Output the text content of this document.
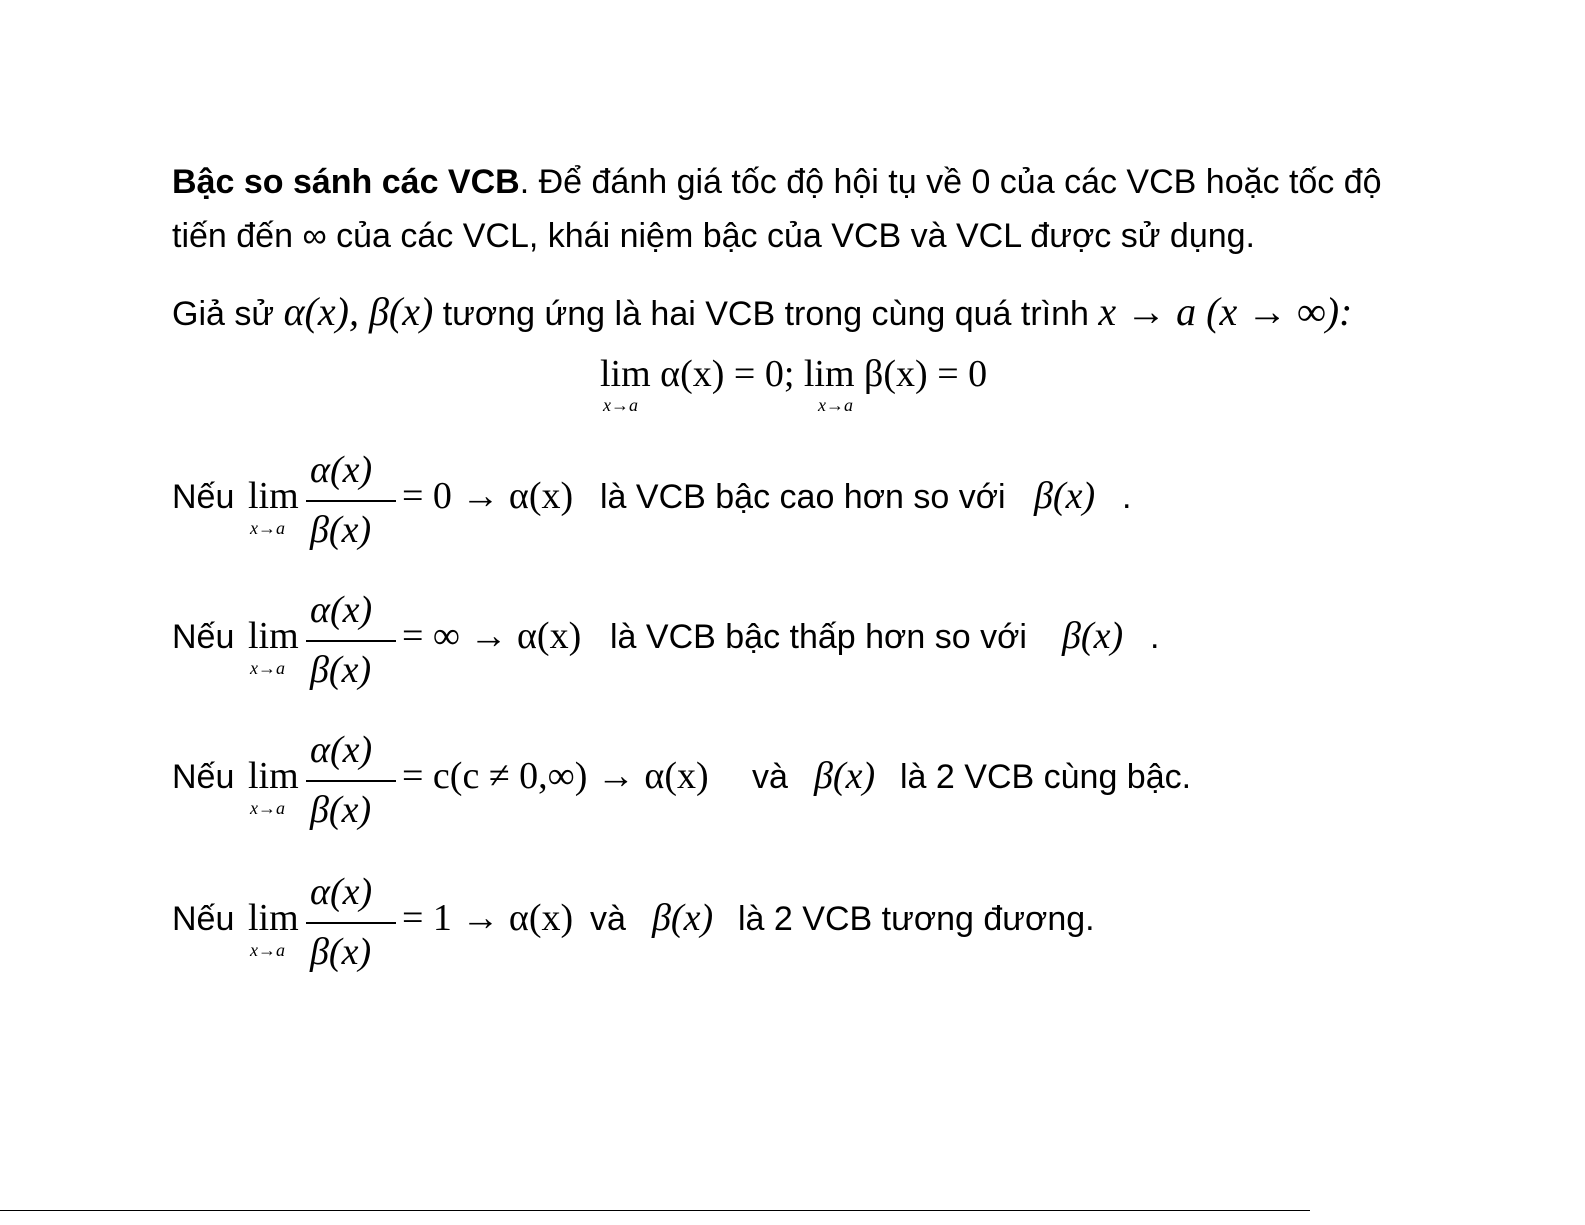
Bậc so sánh các VCB. Để đánh giá tốc độ hội tụ về 0 của các VCB hoặc tốc độ
tiến đến ∞ của các VCL, khái niệm bậc của VCB và VCL được sử dụng.
Giả sử α(x), β(x) tương ứng là hai VCB trong cùng quá trình x → a (x → ∞):
lim α(x) = 0; lim β(x) = 0
x→a	x→a
Nếu lim
x→a
α(x)
β(x)
= 0 → α(x) là VCB bậc cao hơn so với β(x) .
Nếu lim
x→a
α(x)
β(x)
= ∞ → α(x) là VCB bậc thấp hơn so với β(x) .
Nếu lim
x→a
α(x)
β(x)
= c(c ≠ 0,∞) → α(x) và β(x) là 2 VCB cùng bậc.
Nếu lim
x→a
α(x)
β(x)
= 1 → α(x) và β(x) là 2 VCB tương đương.
